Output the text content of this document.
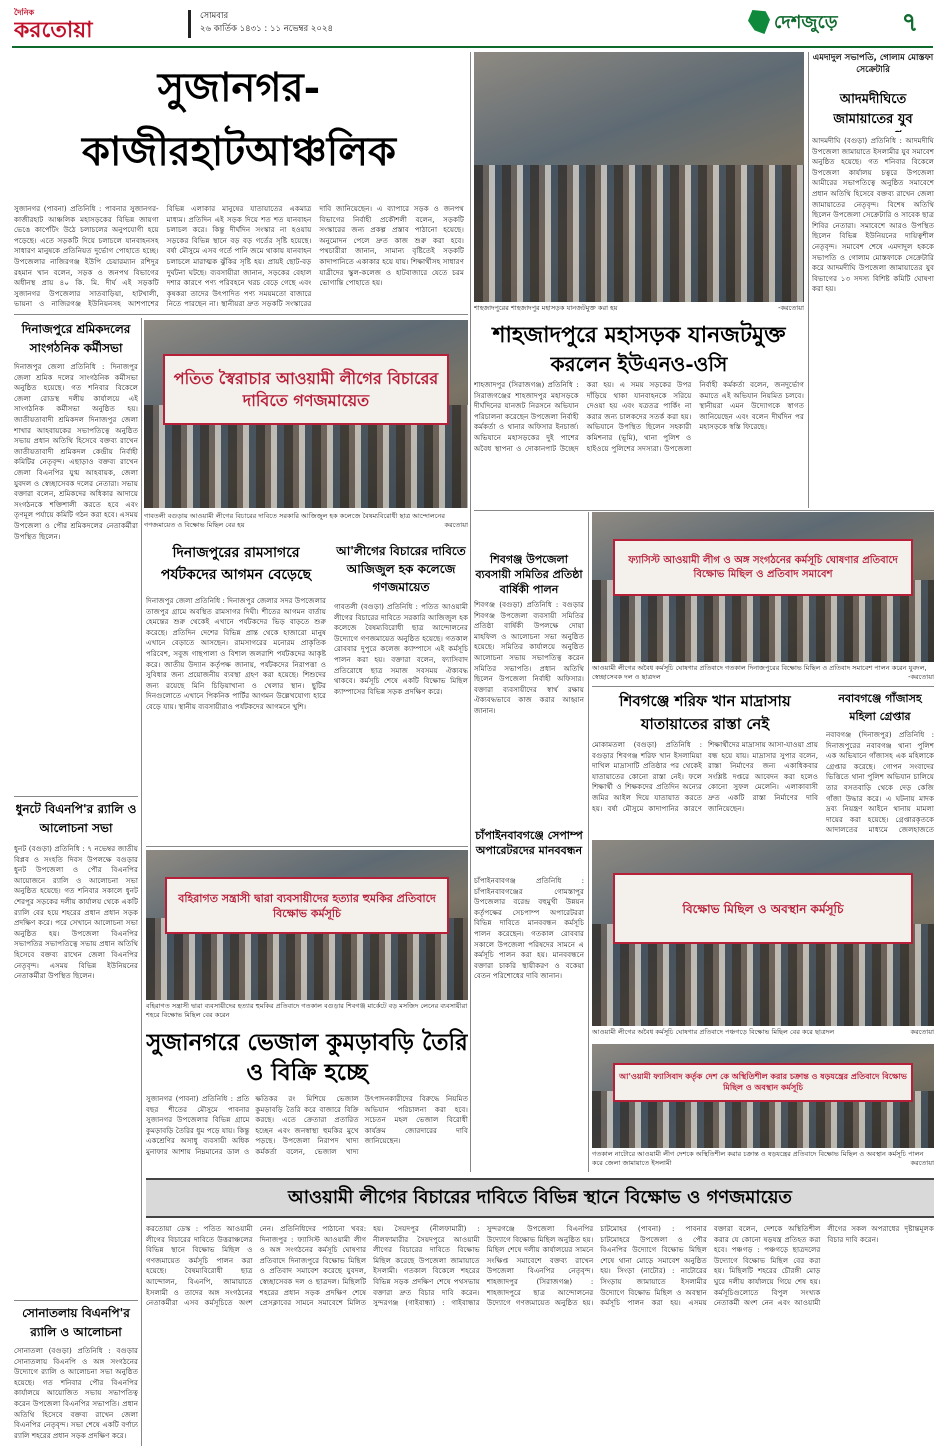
দৈনিক
করতোয়া
সোমবার
২৬ কার্তিক ১৪৩১ : ১১ নভেম্বর ২০২৪	দেশজুড়ে	৭
সুজানগর-কাজীরহাটআঞ্চলিক
সুজানগর (পাবনা) প্রতিনিধি : পাবনার সুজানগর-কাজীরহাট আঞ্চলিক মহাসড়কের বিভিন্ন জায়গা ভেঙে কার্পেটিং উঠে চলাচলের অনুপযোগী হয়ে পড়েছে। এতে সড়কটি দিয়ে চলাচলে যানবাহনসহ সাধারণ মানুষকে প্রতিনিয়ত দুর্ভোগ পোহাতে হচ্ছে। উপজেলার নাজিরগঞ্জ ইউপি চেয়ারম্যান রশিদুর রহমান খান বলেন, সড়ক ও জনপথ বিভাগের অধীনস্থ প্রায় ৪০ কি. মি. দীর্ঘ এই সড়কটি সুজানগর উপজেলার সাতবাড়িয়া, হাটখালী, ভায়না ও নাজিরগঞ্জ ইউনিয়নসহ আশপাশের বিভিন্ন এলাকার মানুষের যাতায়াতের একমাত্র মাধ্যম। প্রতিদিন এই সড়ক দিয়ে শত শত যানবাহন চলাচল করে। কিন্তু দীর্ঘদিন সংস্কার না হওয়ায় সড়কের বিভিন্ন স্থানে বড় বড় গর্তের সৃষ্টি হয়েছে। বর্ষা মৌসুমে এসব গর্তে পানি জমে থাকায় যানবাহন চলাচলে মারাত্মক ঝুঁকির সৃষ্টি হয়। প্রায়ই ছোট-বড় দুর্ঘটনা ঘটছে। ব্যবসায়ীরা জানান, সড়কের বেহাল দশার কারণে পণ্য পরিবহনে খরচ বেড়ে গেছে এবং কৃষকরা তাদের উৎপাদিত পণ্য সময়মতো বাজারে নিতে পারছেন না। স্থানীয়রা দ্রুত সড়কটি সংস্কারের দাবি জানিয়েছেন। এ ব্যাপারে সড়ক ও জনপথ বিভাগের নির্বাহী প্রকৌশলী বলেন, সড়কটি সংস্কারের জন্য প্রকল্প প্রস্তাব পাঠানো হয়েছে। অনুমোদন পেলে দ্রুত কাজ শুরু করা হবে। পথচারীরা জানান, সামান্য বৃষ্টিতেই সড়কটি কাদাপানিতে একাকার হয়ে যায়। শিক্ষার্থীসহ সাধারণ যাত্রীদের স্কুল-কলেজ ও হাটবাজারে যেতে চরম ভোগান্তি পোহাতে হয়।
শাহজাদপুরের শাহজাদপুর মহাসড়ক যানজটমুক্ত করা হয়	-করতোয়া
শাহজাদপুরে মহাসড়ক যানজটমুক্ত
করলেন ইউএনও-ওসি
শাহজাদপুর (সিরাজগঞ্জ) প্রতিনিধি : সিরাজগঞ্জের শাহজাদপুর মহাসড়কে দীর্ঘদিনের যানজট নিরসনে অভিযান পরিচালনা করেছেন উপজেলা নির্বাহী কর্মকর্তা ও থানার অফিসার ইনচার্জ। অভিযানে মহাসড়কের দুই পাশের অবৈধ স্থাপনা ও দোকানপাট উচ্ছেদ করা হয়। এ সময় সড়কের উপর দাঁড়িয়ে থাকা যানবাহনকে সরিয়ে দেওয়া হয় এবং যত্রতত্র পার্কিং না করার জন্য চালকদের সতর্ক করা হয়। অভিযানে উপস্থিত ছিলেন সহকারী কমিশনার (ভূমি), থানা পুলিশ ও হাইওয়ে পুলিশের সদস্যরা। উপজেলা নির্বাহী কর্মকর্তা বলেন, জনদুর্ভোগ কমাতে এই অভিযান নিয়মিত চলবে। স্থানীয়রা এমন উদ্যোগকে স্বাগত জানিয়েছেন এবং বলেন দীর্ঘদিন পর মহাসড়কে স্বস্তি ফিরেছে।
এমদাদুল সভাপতি, গোলাম মোস্তফা সেক্রেটারি
আদমদীঘিতে জামায়াতের যুব
আদমদীঘি (বগুড়া) প্রতিনিধি : আদমদীঘি উপজেলা জামায়াতে ইসলামীর যুব সমাবেশ অনুষ্ঠিত হয়েছে। গত শনিবার বিকেলে উপজেলা কার্যালয় চত্বরে উপজেলা আমীরের সভাপতিত্বে অনুষ্ঠিত সমাবেশে প্রধান অতিথি হিসেবে বক্তব্য রাখেন জেলা জামায়াতের নেতৃবৃন্দ। বিশেষ অতিথি ছিলেন উপজেলা সেক্রেটারি ও সাবেক ছাত্র শিবির নেতারা। সমাবেশে আরও উপস্থিত ছিলেন বিভিন্ন ইউনিয়নের দায়িত্বশীল নেতৃবৃন্দ। সমাবেশ শেষে এমদাদুল হককে সভাপতি ও গোলাম মোস্তফাকে সেক্রেটারি করে আদমদীঘি উপজেলা জামায়াতের যুব বিভাগের ১৩ সদস্য বিশিষ্ট কমিটি ঘোষণা করা হয়।
পতিত স্বৈরাচার আওয়ামী লীগের বিচারের দাবিতে গণজমায়েত
গাবতলী বগুড়ায় আওয়ামী লীগের বিচারের দাবিতে সরকারি আজিজুল হক কলেজে বৈষম্যবিরোধী ছাত্র আন্দোলনের গণজমায়েত ও বিক্ষোভ মিছিল বের হয়	করতোয়া
দিনাজপুরে শ্রমিকদলের সাংগঠনিক কর্মীসভা
দিনাজপুর জেলা প্রতিনিধি : দিনাজপুর জেলা শ্রমিক দলের সাংগঠনিক কর্মীসভা অনুষ্ঠিত হয়েছে। গত শনিবার বিকেলে জেলা রোডস্থ দলীয় কার্যালয়ে এই সাংগঠনিক কর্মীসভা অনুষ্ঠিত হয়। জাতীয়তাবাদী শ্রমিকদল দিনাজপুর জেলা শাখার আহবায়কের সভাপতিত্বে অনুষ্ঠিত সভায় প্রধান অতিথি হিসেবে বক্তব্য রাখেন জাতীয়তাবাদী শ্রমিকদল কেন্দ্রীয় নির্বাহী কমিটির নেতৃবৃন্দ। এছাড়াও বক্তব্য রাখেন জেলা বিএনপির যুগ্ম আহবায়ক, জেলা যুবদল ও স্বেচ্ছাসেবক দলের নেতারা। সভায় বক্তারা বলেন, শ্রমিকদের অধিকার আদায়ে সংগঠনকে শক্তিশালী করতে হবে এবং তৃণমূল পর্যায়ে কমিটি গঠন করা হবে। এসময় উপজেলা ও পৌর শ্রমিকদলের নেতাকর্মীরা উপস্থিত ছিলেন।
দিনাজপুরের রামসাগরে পর্যটকদের আগমন বেড়েছে
দিনাজপুর জেলা প্রতিনিধি : দিনাজপুর জেলার সদর উপজেলার তাজপুর গ্রামে অবস্থিত রামসাগর দিঘী। শীতের আগমন বার্তায় হেমন্তের শুরু থেকেই এখানে পর্যটকদের ভিড় বাড়তে শুরু করেছে। প্রতিদিন দেশের বিভিন্ন প্রান্ত থেকে হাজারো মানুষ এখানে বেড়াতে আসছেন। রামসাগরের মনোরম প্রাকৃতিক পরিবেশ, সবুজ গাছপালা ও বিশাল জলরাশি পর্যটকদের আকৃষ্ট করে। জাতীয় উদ্যান কর্তৃপক্ষ জানায়, পর্যটকদের নিরাপত্তা ও সুবিধার জন্য প্রয়োজনীয় ব্যবস্থা গ্রহণ করা হয়েছে। শিশুদের জন্য রয়েছে মিনি চিড়িয়াখানা ও খেলার স্থান। ছুটির দিনগুলোতে এখানে পিকনিক পার্টির আগমন উল্লেখযোগ্য হারে বেড়ে যায়। স্থানীয় ব্যবসায়ীরাও পর্যটকদের আগমনে খুশি।
আ'লীগের বিচারের দাবিতে আজিজুল হক কলেজে গণজমায়েত
গাবতলী (বগুড়া) প্রতিনিধি : পতিত আওয়ামী লীগের বিচারের দাবিতে সরকারি আজিজুল হক কলেজে বৈষম্যবিরোধী ছাত্র আন্দোলনের উদ্যোগে গণজমায়েত অনুষ্ঠিত হয়েছে। গতকাল রোববার দুপুরে কলেজ ক্যাম্পাসে এই কর্মসূচি পালন করা হয়। বক্তারা বলেন, ফ্যাসিবাদ প্রতিরোধে ছাত্র সমাজ সবসময় ঐক্যবদ্ধ থাকবে। কর্মসূচি শেষে একটি বিক্ষোভ মিছিল ক্যাম্পাসের বিভিন্ন সড়ক প্রদক্ষিণ করে।
ফ্যাসিস্ট আওয়ামী লীগ ও অঙ্গ সংগঠনের কর্মসূচি ঘোষণার প্রতিবাদে বিক্ষোভ মিছিল ও প্রতিবাদ সমাবেশ
আওয়ামী লীগের অবৈধ কর্মসূচি ঘোষণার প্রতিবাদে গতকাল দিনাজপুরের বিক্ষোভ মিছিল ও প্রতিবাদ সমাবেশ পালন করেন যুবদল, স্বেচ্ছাসেবক দল ও ছাত্রদল	-করতোয়া
শিবগঞ্জ উপজেলা ব্যবসায়ী সমিতির প্রতিষ্ঠা বার্ষিকী পালন
শিবগঞ্জ (বগুড়া) প্রতিনিধি : বগুড়ার শিবগঞ্জ উপজেলা ব্যবসায়ী সমিতির প্রতিষ্ঠা বার্ষিকী উপলক্ষে দোয়া মাহফিল ও আলোচনা সভা অনুষ্ঠিত হয়েছে। সমিতির কার্যালয়ে অনুষ্ঠিত আলোচনা সভায় সভাপতিত্ব করেন সমিতির সভাপতি। প্রধান অতিথি ছিলেন উপজেলা নির্বাহী অফিসার। বক্তারা ব্যবসায়ীদের স্বার্থ রক্ষায় ঐক্যবদ্ধভাবে কাজ করার আহ্বান জানান।
চাঁপাইনবাবগঞ্জে সেপাম্প অপারেটরদের মানববন্ধন
চাঁপাইনবাবগঞ্জ প্রতিনিধি : চাঁপাইনবাবগঞ্জের গোমস্তাপুর উপজেলার বরেন্দ্র বহুমুখী উন্নয়ন কর্তৃপক্ষের সেচপাম্প অপারেটররা বিভিন্ন দাবিতে মানববন্ধন কর্মসূচি পালন করেছেন। গতকাল রোববার সকালে উপজেলা পরিষদের সামনে এ কর্মসূচি পালন করা হয়। মানববন্ধনে বক্তারা চাকরি স্থায়ীকরণ ও বকেয়া বেতন পরিশোধের দাবি জানান।
শিবগঞ্জে শরিফ খান মাদ্রাসায় যাতায়াতের রাস্তা নেই
মোকামতলা (বগুড়া) প্রতিনিধি : বগুড়ার শিবগঞ্জ শরিফ খান ইসলামিয়া দাখিল মাদ্রাসাটি প্রতিষ্ঠার পর থেকেই যাতায়াতের কোনো রাস্তা নেই। ফলে শিক্ষার্থী ও শিক্ষকদের প্রতিদিন অন্যের জমির আইল দিয়ে যাতায়াত করতে হয়। বর্ষা মৌসুমে কাদাপানির কারণে শিক্ষার্থীদের মাদ্রাসায় আসা-যাওয়া প্রায় বন্ধ হয়ে যায়। মাদ্রাসার সুপার বলেন, রাস্তা নির্মাণের জন্য একাধিকবার সংশ্লিষ্ট দপ্তরে আবেদন করা হলেও কোনো সুফল মেলেনি। এলাকাবাসী দ্রুত একটি রাস্তা নির্মাণের দাবি জানিয়েছেন।
নবাবগঞ্জে গাঁজাসহ মহিলা গ্রেপ্তার
নবাবগঞ্জ (দিনাজপুর) প্রতিনিধি : দিনাজপুরের নবাবগঞ্জ থানা পুলিশ এক অভিযানে গাঁজাসহ এক মহিলাকে গ্রেপ্তার করেছে। গোপন সংবাদের ভিত্তিতে থানা পুলিশ অভিযান চালিয়ে তার বসতবাড়ি থেকে দেড় কেজি গাঁজা উদ্ধার করে। এ ঘটনায় মাদক দ্রব্য নিয়ন্ত্রণ আইনে থানায় মামলা দায়ের করা হয়েছে। গ্রেপ্তারকৃতকে আদালতের মাধ্যমে জেলহাজতে
বিক্ষোভ মিছিল ও অবস্থান কর্মসূচি
আওয়ামী লীগের অবৈধ কর্মসূচি ঘোষণার প্রতিবাদে পঞ্চগড়ে বিক্ষোভ মিছিল বের করে ছাত্রদল	করতোয়া
আ'ওয়ামী ফ্যাসিবাদ কর্তৃক দেশ কে অস্থিতিশীল করার চক্রান্ত ও ষড়যন্ত্রের প্রতিবাদে বিক্ষোভ মিছিল ও অবস্থান কর্মসূচি
গতকাল নাটোরে আওয়ামী লীগ দেশকে অস্থিতিশীল করার চক্রান্ত ও ষড়যন্ত্রের প্রতিবাদে বিক্ষোভ মিছিল ও অবস্থান কর্মসূচি পালন করে জেলা জামায়াতে ইসলামী	করতোয়া
ধুনটে বিএনপি'র র‌্যালি ও আলোচনা সভা
ধুনট (বগুড়া) প্রতিনিধি : ৭ নভেম্বর জাতীয় বিপ্লব ও সংহতি দিবস উপলক্ষে বগুড়ার ধুনট উপজেলা ও পৌর বিএনপির আয়োজনে র‌্যালি ও আলোচনা সভা অনুষ্ঠিত হয়েছে। গত শনিবার সকালে ধুনট শেরপুর সড়কের দলীয় কার্যালয় থেকে একটি র‌্যালি বের হয়ে শহরের প্রধান প্রধান সড়ক প্রদক্ষিণ করে। পরে সেখানে আলোচনা সভা অনুষ্ঠিত হয়। উপজেলা বিএনপির সভাপতির সভাপতিত্বে সভায় প্রধান অতিথি হিসেবে বক্তব্য রাখেন জেলা বিএনপির নেতৃবৃন্দ। এসময় বিভিন্ন ইউনিয়নের নেতাকর্মীরা উপস্থিত ছিলেন।
বহিরাগত সন্ত্রাসী দ্বারা ব্যবসায়ীদের হত্যার হুমকির প্রতিবাদে বিক্ষোভ কর্মসূচি
বহিরাগত সন্ত্রাসী দ্বারা ব্যবসায়ীদের হত্যার হুমকির প্রতিবাদে গতকাল বগুড়ার শিবগঞ্জ মার্কেটে বড় মসজিদ লেনের ব্যবসায়ীরা শহরে বিক্ষোভ মিছিল বের করেন
সুজানগরে ভেজাল কুমড়াবড়ি তৈরি ও বিক্রি হচ্ছে
সুজানগর (পাবনা) প্রতিনিধি : প্রতি বছর শীতের মৌসুমে পাবনার সুজানগর উপজেলার বিভিন্ন গ্রামে কুমড়াবড়ি তৈরির ধুম পড়ে যায়। কিন্তু একশ্রেণির অসাধু ব্যবসায়ী অধিক মুনাফার আশায় নিম্নমানের ডাল ও ক্ষতিকর রং মিশিয়ে ভেজাল কুমড়াবড়ি তৈরি করে বাজারে বিক্রি করছে। এতে ক্রেতারা প্রতারিত হচ্ছেন এবং জনস্বাস্থ্য হুমকির মুখে পড়ছে। উপজেলা নিরাপদ খাদ্য কর্মকর্তা বলেন, ভেজাল খাদ্য উৎপাদনকারীদের বিরুদ্ধে নিয়মিত অভিযান পরিচালনা করা হবে। সচেতন মহল ভেজাল বিরোধী কার্যক্রম জোরদারের দাবি জানিয়েছেন।
সোনাতলায় বিএনপি'র র‌্যালি ও আলোচনা
সোনাতলা (বগুড়া) প্রতিনিধি : বগুড়ার সোনাতলায় বিএনপি ও অঙ্গ সংগঠনের উদ্যোগে র‌্যালি ও আলোচনা সভা অনুষ্ঠিত হয়েছে। গত শনিবার পৌর বিএনপির কার্যালয়ে আয়োজিত সভায় সভাপতিত্ব করেন উপজেলা বিএনপির সভাপতি। প্রধান অতিথি হিসেবে বক্তব্য রাখেন জেলা বিএনপির নেতৃবৃন্দ। সভা শেষে একটি বর্ণাঢ্য র‌্যালি শহরের প্রধান সড়ক প্রদক্ষিণ করে।
আওয়ামী লীগের বিচারের দাবিতে বিভিন্ন স্থানে বিক্ষোভ ও গণজমায়েত
করতোয়া ডেস্ক : পতিত আওয়ামী লীগের বিচারের দাবিতে উত্তরাঞ্চলের বিভিন্ন স্থানে বিক্ষোভ মিছিল ও গণজমায়েত কর্মসূচি পালন করা হয়েছে। বৈষম্যবিরোধী ছাত্র আন্দোলন, বিএনপি, জামায়াতে ইসলামী ও তাদের অঙ্গ সংগঠনের নেতাকর্মীরা এসব কর্মসূচিতে অংশ নেন। প্রতিনিধিদের পাঠানো খবর: দিনাজপুর : ফ্যাসিস্ট আওয়ামী লীগ ও অঙ্গ সংগঠনের কর্মসূচি ঘোষণার প্রতিবাদে দিনাজপুরে বিক্ষোভ মিছিল ও প্রতিবাদ সমাবেশ করেছে যুবদল, স্বেচ্ছাসেবক দল ও ছাত্রদল। মিছিলটি শহরের প্রধান সড়ক প্রদক্ষিণ শেষে প্রেসক্লাবের সামনে সমাবেশে মিলিত হয়। সৈয়দপুর (নীলফামারী) : নীলফামারীর সৈয়দপুরে আওয়ামী লীগের বিচারের দাবিতে বিক্ষোভ মিছিল করেছে উপজেলা জামায়াতে ইসলামী। গতকাল বিকেলে শহরের বিভিন্ন সড়ক প্রদক্ষিণ শেষে পথসভায় বক্তারা দ্রুত বিচার দাবি করেন। সুন্দরগঞ্জ (গাইবান্ধা) : গাইবান্ধার সুন্দরগঞ্জে উপজেলা বিএনপির উদ্যোগে বিক্ষোভ মিছিল অনুষ্ঠিত হয়। মিছিল শেষে দলীয় কার্যালয়ের সামনে সংক্ষিপ্ত সমাবেশে বক্তব্য রাখেন উপজেলা বিএনপির নেতৃবৃন্দ। শাহজাদপুর (সিরাজগঞ্জ) : শাহজাদপুরে ছাত্র আন্দোলনের উদ্যোগে গণজমায়েত অনুষ্ঠিত হয়। চাটমোহর (পাবনা) : পাবনার চাটমোহরে উপজেলা ও পৌর বিএনপির উদ্যোগে বিক্ষোভ মিছিল শেষে থানা মোড়ে সমাবেশ অনুষ্ঠিত হয়। সিংড়া (নাটোর) : নাটোরের সিংড়ায় জামায়াতে ইসলামীর উদ্যোগে বিক্ষোভ মিছিল ও অবস্থান কর্মসূচি পালন করা হয়। এসময় বক্তারা বলেন, দেশকে অস্থিতিশীল করার যে কোনো ষড়যন্ত্র প্রতিহত করা হবে। পঞ্চগড় : পঞ্চগড়ে ছাত্রদলের উদ্যোগে বিক্ষোভ মিছিল বের করা হয়। মিছিলটি শহরের চৌরঙ্গী মোড় ঘুরে দলীয় কার্যালয়ে গিয়ে শেষ হয়। কর্মসূচিগুলোতে বিপুল সংখ্যক নেতাকর্মী অংশ নেন এবং আওয়ামী লীগের সকল অপরাধের দৃষ্টান্তমূলক বিচার দাবি করেন।
